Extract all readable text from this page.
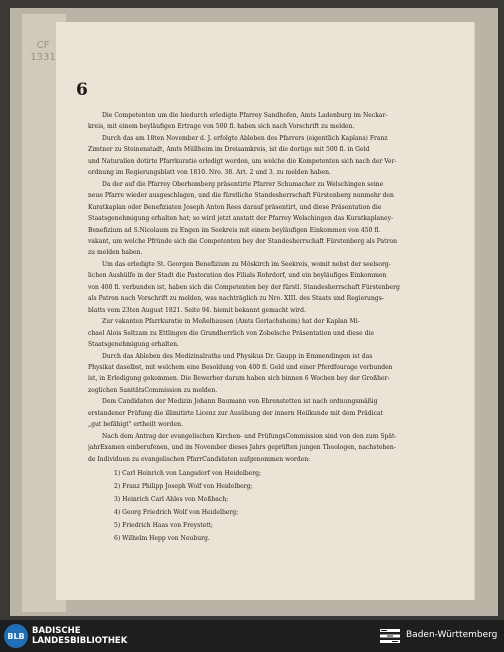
CF
1331
6
Die Competenten um die hiedurch erledigte Pfarrey Sandhofen, Amts Ladenburg im Neckar-
kreis, mit einem beyläufigen Ertrage von 500 fl. haben sich nach Vorschrift zu melden.
Durch das am 18ten November d. J. erfolgte Ableben des Pfarrers (eigentlich Kaplans) Franz
Zimtner zu Steinenstadt, Amts Müllheim im Dreisamkreis, ist die dortige mit 500 fl. in Geld
und Naturalien dotirte Pfarrkuratie erledigt worden, um welche die Kompetenten sich nach der Ver-
ordnung im Regierungsblatt von 1810. Nro. 38. Art. 2 und 3. zu melden haben.
Da der auf die Pfarrey Oberhomberg präsentirte Pfarrer Schumacher zu Welschingen seine
neue Pfarre wieder ausgeschlagen, und die fürstliche Standesherrschaft Fürstenberg nunmehr den
Kuratkaplan oder Benefiziaten Joseph Anton Rees darauf präsentirt, und diese Präsentation die
Staatsgenehmigung erhalten hat; so wird jetzt anstatt der Pfarrey Welschingen das Kuratkaplaney-
Benefizium ad S.Nicolaum zu Engen im Seekreis mit einem beyläufigen Einkommen von 450 fl.
vakant, um welche Pfründe sich die Competenten bey der Standesherrschaft Fürstenberg als Patron
zu melden haben.
Um das erledigte St. Georgen Benefizium zu Möskirch im Seekreis, womit nebst der seelsorg-
lichen Aushülfe in der Stadt die Pastoration des Filials Rohrdorf, und ein beyläufiges Einkommen
von 400 fl. verbunden ist, haben sich die Competenten bey der fürstl. Standesherrschaft Fürstenberg
als Patron nach Vorschrift zu melden, was nachträglich zu Nro. XIII. des Staats und Regierungs-
blatts vom 23ten August 1821. Seite 94. hiemit bekannt gemacht wird.
Zur vakanten Pfarrkuratie in Meßelhausen (Amts Gerlachsheim) hat der Kaplan Mi-
chael Alois Seltzam zu Ettlingen die Grundherrlich von Zobelsche Präsentation und diese die
Staatsgenehmigung erhalten.
Durch das Ableben des Medizinalraths und Physikus Dr. Gaupp in Emmendingen ist das
Physikat daselbst, mit welchem eine Besoldung von 400 fl. Geld und einer Pferdfourage verbunden
ist, in Erledigung gekommen. Die Bewerber darum haben sich binnen 6 Wochen bey der Großher-
zoglichen SanitätsCommission zu melden.
Dem Candidaten der Medizin Johann Baumann von Ehrenstetten ist nach ordnungsmäßig
erstandener Prüfung die illimitirte Licenz zur Ausübung der innern Heilkunde mit dem Prädicat
„gut befähigt" ertheilt worden.
Nach dem Antrag der evangelischen Kirchen- und PrüfungsCommission sind von den zum Spät-
jahrExamen einberufenen, und im November dieses Jahrs geprüften jungen Theologen, nachstehen-
de Individuen zu evangelischen PfarrCandidaten aufgenommen worden:
1) Carl Heinrich von Langsdorf von Heidelberg;
2) Franz Philipp Joseph Wolf von Heidelberg;
3) Heinrich Carl Ahles von Moßbach;
4) Georg Friedrich Wolf von Heidelberg;
5) Friedrich Haas von Freystett;
6) Wilhelm Hepp von Neuburg.
BLB BADISCHE
LANDESBIBLIOTHEK
Baden-Württemberg
